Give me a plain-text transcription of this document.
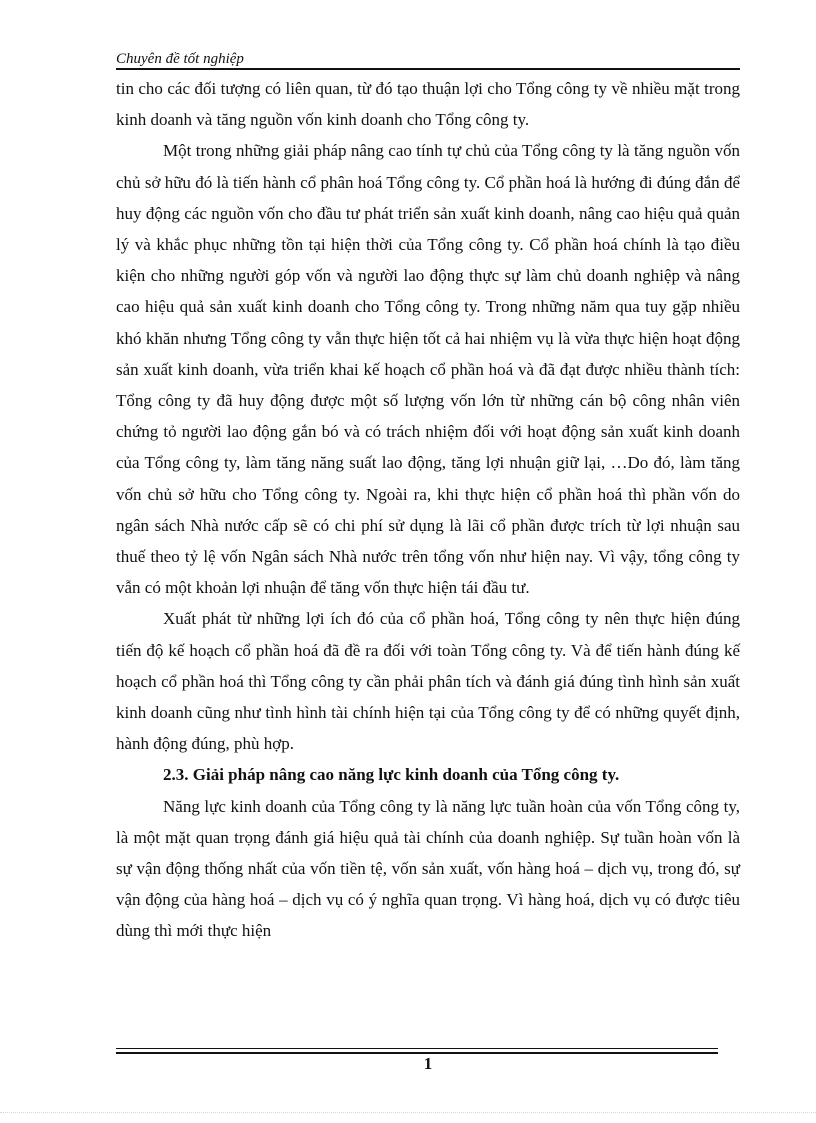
Chuyên đề tốt nghiệp

tin cho các đối tượng có liên quan, từ đó tạo thuận lợi cho Tổng công ty về nhiều mặt trong kinh doanh và tăng nguồn vốn kinh doanh cho Tổng công ty.

Một trong những giải pháp nâng cao tính tự chủ của Tổng công ty là tăng nguồn vốn chủ sở hữu đó là tiến hành cổ phân hoá Tổng công ty. Cổ phần hoá là hướng đi đúng đắn để huy động các nguồn vốn cho đầu tư phát triển sản xuất kinh doanh, nâng cao hiệu quả quản lý và khắc phục những tồn tại hiện thời của Tổng công ty. Cổ phần hoá chính là tạo điều kiện cho những người góp vốn và người lao động thực sự làm chủ doanh nghiệp và nâng cao hiệu quả sản xuất kinh doanh cho Tổng công ty. Trong những năm qua tuy gặp nhiều khó khăn nhưng Tổng công ty vẫn thực hiện tốt cả hai nhiệm vụ là vừa thực hiện hoạt động sản xuất kinh doanh, vừa triển khai kế hoạch cổ phần hoá và đã đạt được nhiều thành tích: Tổng công ty đã huy động được một số lượng vốn lớn từ những cán bộ công nhân viên chứng tỏ người lao động gắn bó và có trách nhiệm đối với hoạt động sản xuất kinh doanh của Tổng công ty, làm tăng năng suất lao động, tăng lợi nhuận giữ lại, …Do đó, làm tăng vốn chủ sở hữu cho Tổng công ty. Ngoài ra, khi thực hiện cổ phần hoá thì phần vốn do ngân sách Nhà nước cấp sẽ có chi phí sử dụng là lãi cổ phần được trích từ lợi nhuận sau thuế theo tỷ lệ vốn Ngân sách Nhà nước trên tổng vốn như hiện nay. Vì vậy, tổng công ty vẫn có một khoản lợi nhuận để tăng vốn thực hiện tái đầu tư.

Xuất phát từ những lợi ích đó của cổ phần hoá, Tổng công ty nên thực hiện đúng tiến độ kế hoạch cổ phần hoá đã đề ra đối với toàn Tổng công ty. Và để tiến hành đúng kế hoạch cổ phần hoá thì Tổng công ty cần phải phân tích và đánh giá đúng tình hình sản xuất kinh doanh cũng như tình hình tài chính hiện tại của Tổng công ty để có những quyết định, hành động đúng, phù hợp.

2.3. Giải pháp nâng cao năng lực kinh doanh của Tổng công ty.

Năng lực kinh doanh của Tổng công ty là năng lực tuần hoàn của vốn Tổng công ty, là một mặt quan trọng đánh giá hiệu quả tài chính của doanh nghiệp. Sự tuần hoàn vốn là sự vận động thống nhất của vốn tiền tệ, vốn sản xuất, vốn hàng hoá – dịch vụ, trong đó, sự vận động của hàng hoá – dịch vụ có ý nghĩa quan trọng. Vì hàng hoá, dịch vụ có được tiêu dùng thì mới thực hiện

1
